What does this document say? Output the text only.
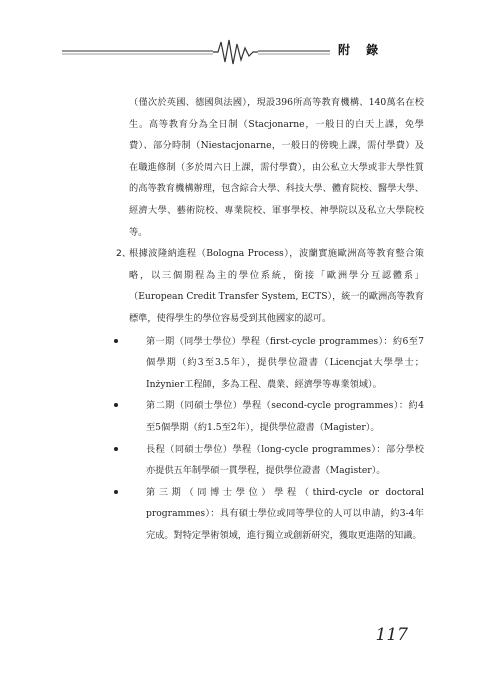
附 錄
（僅次於英國、德國與法國），現設396所高等教育機構、140萬名在校生。高等教育分為全日制（Stacjonarne，一般日的白天上課，免學費）、部分時制（Niestacjonarne，一般日的傍晚上課，需付學費）及在職進修制（多於周六日上課，需付學費），由公私立大學或非大學性質的高等教育機構辦理，包含綜合大學、科技大學、體育院校、醫學大學、經濟大學、藝術院校、專業院校、軍事學校、神學院以及私立大學院校等。
2、
根據波隆納進程（Bologna Process），波蘭實施歐洲高等教育整合策略，以三個期程為主的學位系統，銜接「歐洲學分互認體系」（European Credit Transfer System, ECTS），統一的歐洲高等教育標準，使得學生的學位容易受到其他國家的認可。
第一期（同學士學位）學程（first-cycle programmes）：約6至7個學期（約3至3.5年），提供學位證書（Licencjat大學學士；Inżynier工程師，多為工程、農業、經濟學等專業領域）。
第二期（同碩士學位）學程（second-cycle programmes）：約4至5個學期（約1.5至2年），提供學位證書（Magister）。
長程（同碩士學位）學程（long-cycle programmes）：部分學校亦提供五年制學碩一貫學程，提供學位證書（Magister）。
第三期（同博士學位）學程（third-cycle or doctoral programmes）：具有碩士學位或同等學位的人可以申請，約3-4年完成。對特定學術領域，進行獨立或創新研究，獲取更進階的知識。
117
